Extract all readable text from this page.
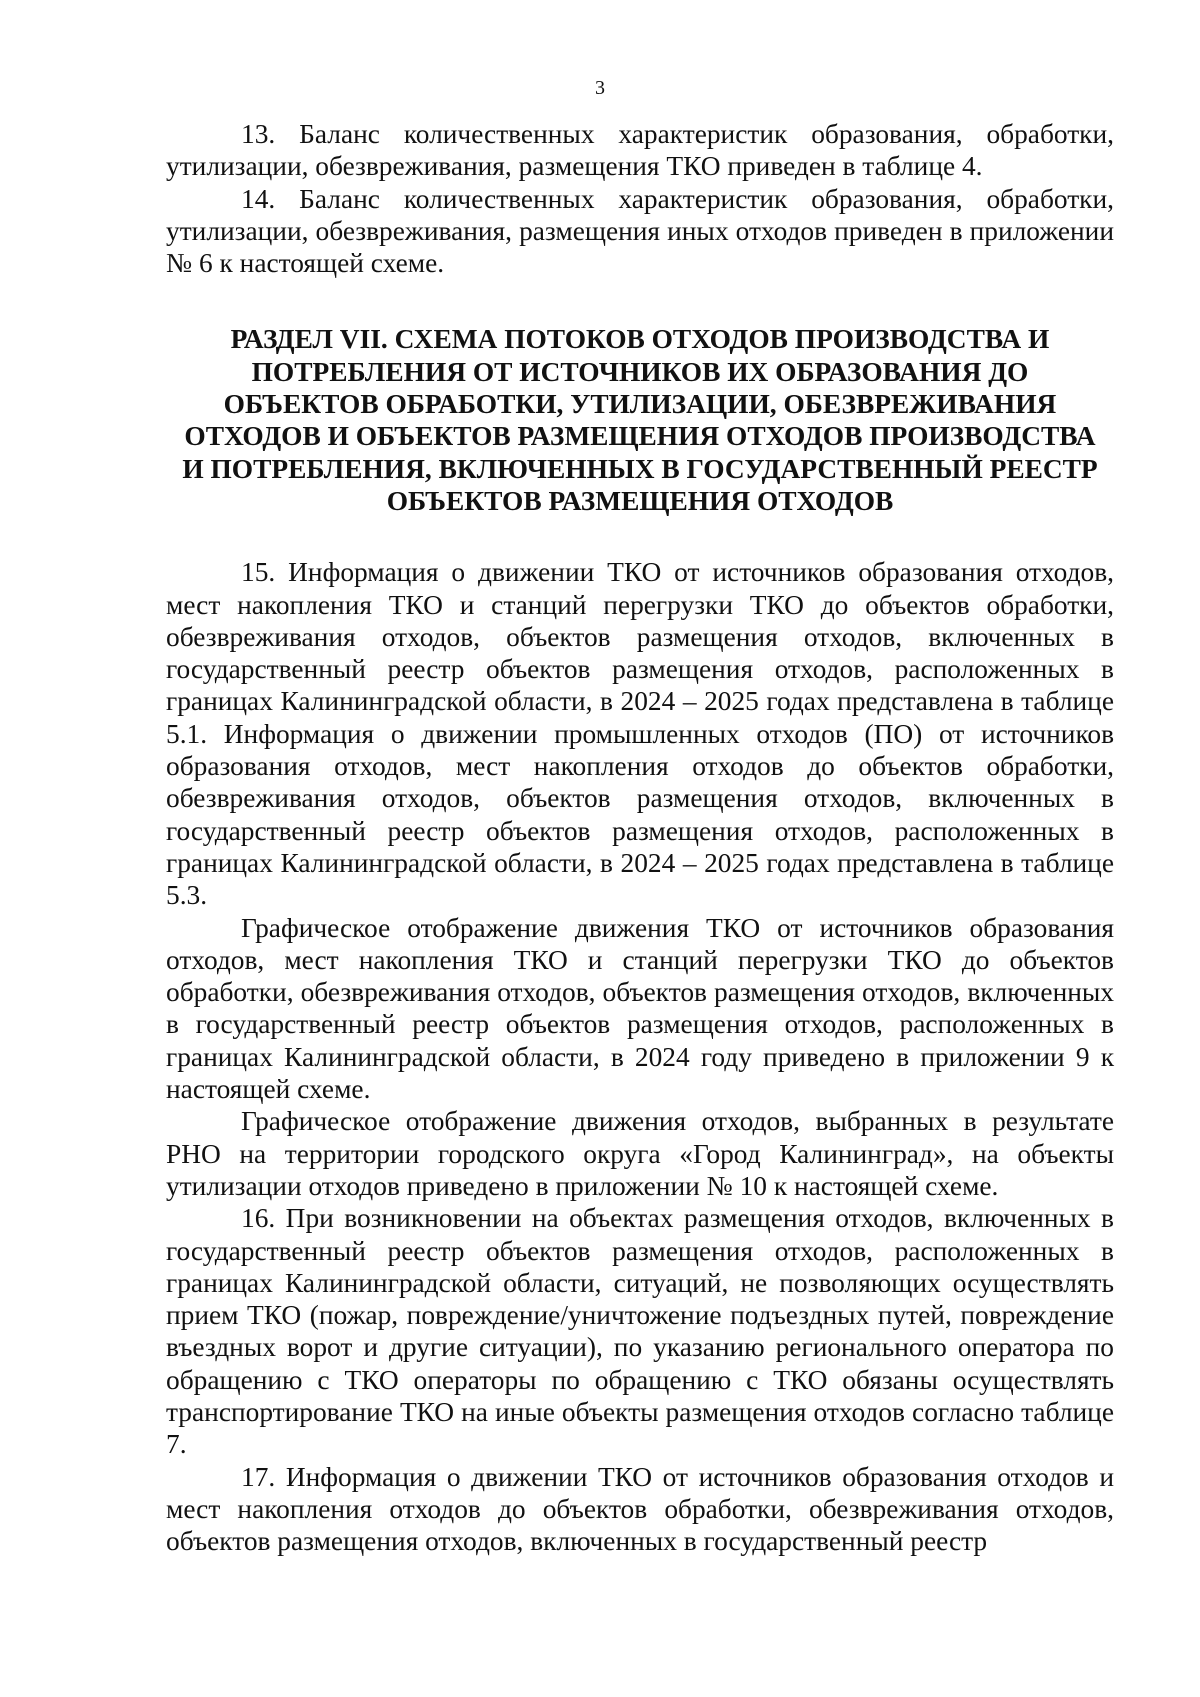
3

13. Баланс количественных характеристик образования, обработки, утилизации, обезвреживания, размещения ТКО приведен в таблице 4.

14. Баланс количественных характеристик образования, обработки, утилизации, обезвреживания, размещения иных отходов приведен в приложении № 6 к настоящей схеме.

РАЗДЕЛ VII. СХЕМА ПОТОКОВ ОТХОДОВ ПРОИЗВОДСТВА И ПОТРЕБЛЕНИЯ ОТ ИСТОЧНИКОВ ИХ ОБРАЗОВАНИЯ ДО ОБЪЕКТОВ ОБРАБОТКИ, УТИЛИЗАЦИИ, ОБЕЗВРЕЖИВАНИЯ ОТХОДОВ И ОБЪЕКТОВ РАЗМЕЩЕНИЯ ОТХОДОВ ПРОИЗВОДСТВА И ПОТРЕБЛЕНИЯ, ВКЛЮЧЕННЫХ В ГОСУДАРСТВЕННЫЙ РЕЕСТР ОБЪЕКТОВ РАЗМЕЩЕНИЯ ОТХОДОВ

15. Информация о движении ТКО от источников образования отходов, мест накопления ТКО и станций перегрузки ТКО до объектов обработки, обезвреживания отходов, объектов размещения отходов, включенных в государственный реестр объектов размещения отходов, расположенных в границах Калининградской области, в 2024 – 2025 годах представлена в таблице 5.1. Информация о движении промышленных отходов (ПО) от источников образования отходов, мест накопления отходов до объектов обработки, обезвреживания отходов, объектов размещения отходов, включенных в государственный реестр объектов размещения отходов, расположенных в границах Калининградской области, в 2024 – 2025 годах представлена в таблице 5.3.

Графическое отображение движения ТКО от источников образования отходов, мест накопления ТКО и станций перегрузки ТКО до объектов обработки, обезвреживания отходов, объектов размещения отходов, включенных в государственный реестр объектов размещения отходов, расположенных в границах Калининградской области, в 2024 году приведено в приложении 9 к настоящей схеме.

Графическое отображение движения отходов, выбранных в результате РНО на территории городского округа «Город Калининград», на объекты утилизации отходов приведено в приложении № 10 к настоящей схеме.

16. При возникновении на объектах размещения отходов, включенных в государственный реестр объектов размещения отходов, расположенных в границах Калининградской области, ситуаций, не позволяющих осуществлять прием ТКО (пожар, повреждение/уничтожение подъездных путей, повреждение въездных ворот и другие ситуации), по указанию регионального оператора по обращению с ТКО операторы по обращению с ТКО обязаны осуществлять транспортирование ТКО на иные объекты размещения отходов согласно таблице 7.

17. Информация о движении ТКО от источников образования отходов и мест накопления отходов до объектов обработки, обезвреживания отходов, объектов размещения отходов, включенных в государственный реестр
